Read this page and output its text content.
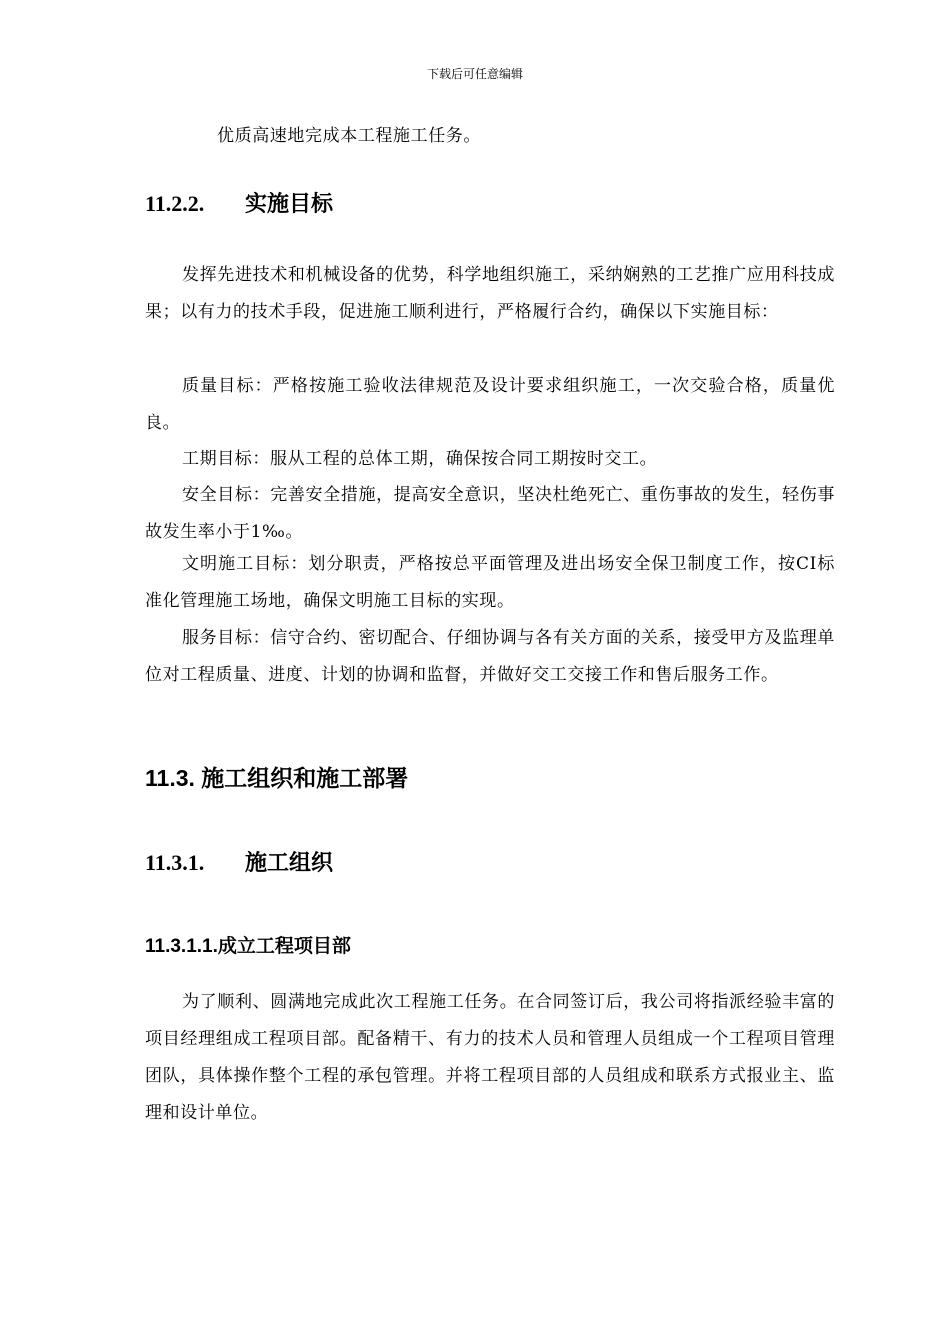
下载后可任意编辑

优质高速地完成本工程施工任务。

11.2.2. 实施目标

发挥先进技术和机械设备的优势，科学地组织施工，采纳娴熟的工艺推广应用科技成果；以有力的技术手段，促进施工顺利进行，严格履行合约，确保以下实施目标：

质量目标：严格按施工验收法律规范及设计要求组织施工，一次交验合格，质量优良。

工期目标：服从工程的总体工期，确保按合同工期按时交工。

安全目标：完善安全措施，提高安全意识，坚决杜绝死亡、重伤事故的发生，轻伤事故发生率小于1‰。

文明施工目标：划分职责，严格按总平面管理及进出场安全保卫制度工作，按CI标准化管理施工场地，确保文明施工目标的实现。

服务目标：信守合约、密切配合、仔细协调与各有关方面的关系，接受甲方及监理单位对工程质量、进度、计划的协调和监督，并做好交工交接工作和售后服务工作。

11.3. 施工组织和施工部署
11.3.1. 施工组织
11.3.1.1.成立工程项目部

为了顺利、圆满地完成此次工程施工任务。在合同签订后，我公司将指派经验丰富的项目经理组成工程项目部。配备精干、有力的技术人员和管理人员组成一个工程项目管理团队，具体操作整个工程的承包管理。并将工程项目部的人员组成和联系方式报业主、监理和设计单位。
